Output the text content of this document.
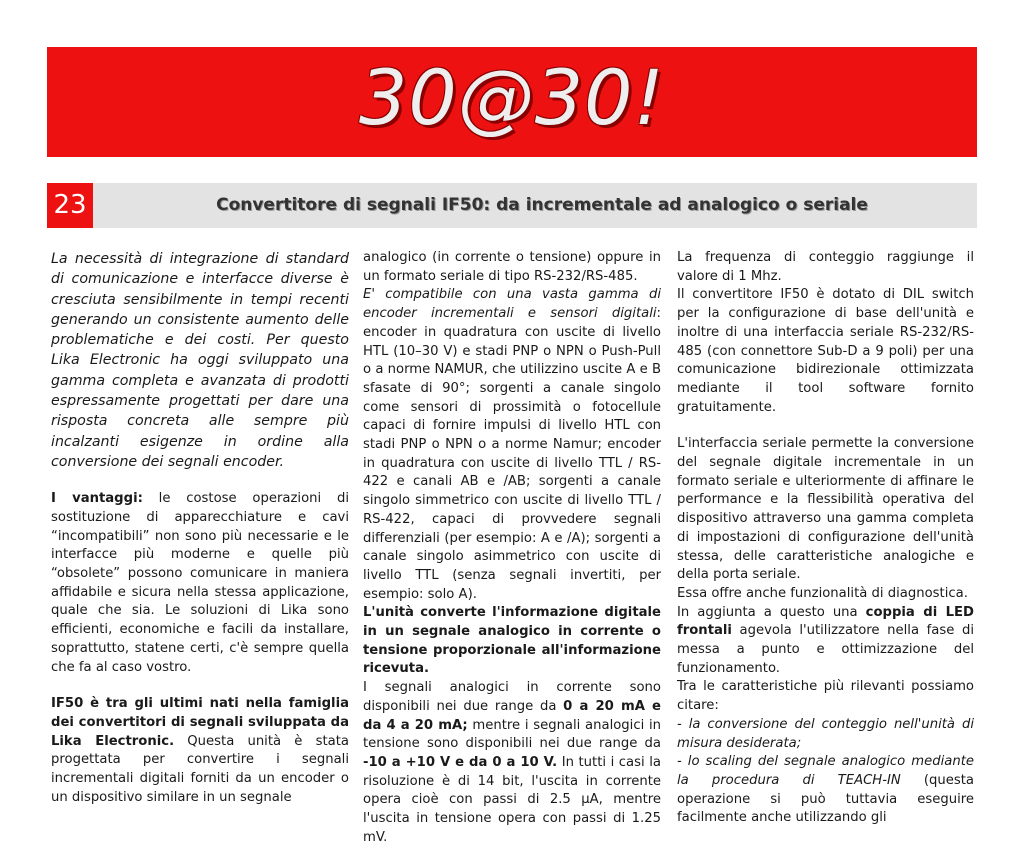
30@30!
23	Convertitore di segnali IF50: da incrementale ad analogico o seriale

La necessità di integrazione di standard di comunicazione e interfacce diverse è cresciuta sensibilmente in tempi recenti generando un consistente aumento delle problematiche e dei costi. Per questo Lika Electronic ha oggi sviluppato una gamma completa e avanzata di prodotti espressamente progettati per dare una risposta concreta alle sempre più incalzanti esigenze in ordine alla conversione dei segnali encoder.

I vantaggi: le costose operazioni di sostituzione di apparecchiature e cavi “incompatibili” non sono più necessarie e le interfacce più moderne e quelle più “obsolete” possono comunicare in maniera affidabile e sicura nella stessa applicazione, quale che sia. Le soluzioni di Lika sono efficienti, economiche e facili da installare, soprattutto, statene certi, c'è sempre quella che fa al caso vostro.

IF50 è tra gli ultimi nati nella famiglia dei convertitori di segnali sviluppata da Lika Electronic. Questa unità è stata progettata per convertire i segnali incrementali digitali forniti da un encoder o un dispositivo similare in un segnale

analogico (in corrente o tensione) oppure in un formato seriale di tipo RS-232/RS-485.

E' compatibile con una vasta gamma di encoder incrementali e sensori digitali: encoder in quadratura con uscite di livello HTL (10–30 V) e stadi PNP o NPN o Push-Pull o a norme NAMUR, che utilizzino uscite A e B sfasate di 90°; sorgenti a canale singolo come sensori di prossimità o fotocellule capaci di fornire impulsi di livello HTL con stadi PNP o NPN o a norme Namur; encoder in quadratura con uscite di livello TTL / RS-422 e canali AB e /AB; sorgenti a canale singolo simmetrico con uscite di livello TTL / RS-422, capaci di provvedere segnali differenziali (per esempio: A e /A); sorgenti a canale singolo asimmetrico con uscite di livello TTL (senza segnali invertiti, per esempio: solo A).

L'unità converte l'informazione digitale in un segnale analogico in corrente o tensione proporzionale all'informazione ricevuta.

I segnali analogici in corrente sono disponibili nei due range da 0 a 20 mA e da 4 a 20 mA; mentre i segnali analogici in tensione sono disponibili nei due range da -10 a +10 V e da 0 a 10 V. In tutti i casi la risoluzione è di 14 bit, l'uscita in corrente opera cioè con passi di 2.5 µA, mentre l'uscita in tensione opera con passi di 1.25 mV.

La frequenza di conteggio raggiunge il valore di 1 Mhz.

Il convertitore IF50 è dotato di DIL switch per la configurazione di base dell'unità e inoltre di una interfaccia seriale RS-232/RS-485 (con connettore Sub-D a 9 poli) per una comunicazione bidirezionale ottimizzata mediante il tool software fornito gratuitamente.

L'interfaccia seriale permette la conversione del segnale digitale incrementale in un formato seriale e ulteriormente di affinare le performance e la flessibilità operativa del dispositivo attraverso una gamma completa di impostazioni di configurazione dell'unità stessa, delle caratteristiche analogiche e della porta seriale.

Essa offre anche funzionalità di diagnostica.

In aggiunta a questo una coppia di LED frontali agevola l'utilizzatore nella fase di messa a punto e ottimizzazione del funzionamento.

Tra le caratteristiche più rilevanti possiamo citare:

- la conversione del conteggio nell'unità di misura desiderata;

- lo scaling del segnale analogico mediante la procedura di TEACH-IN (questa operazione si può tuttavia eseguire facilmente anche utilizzando gli
